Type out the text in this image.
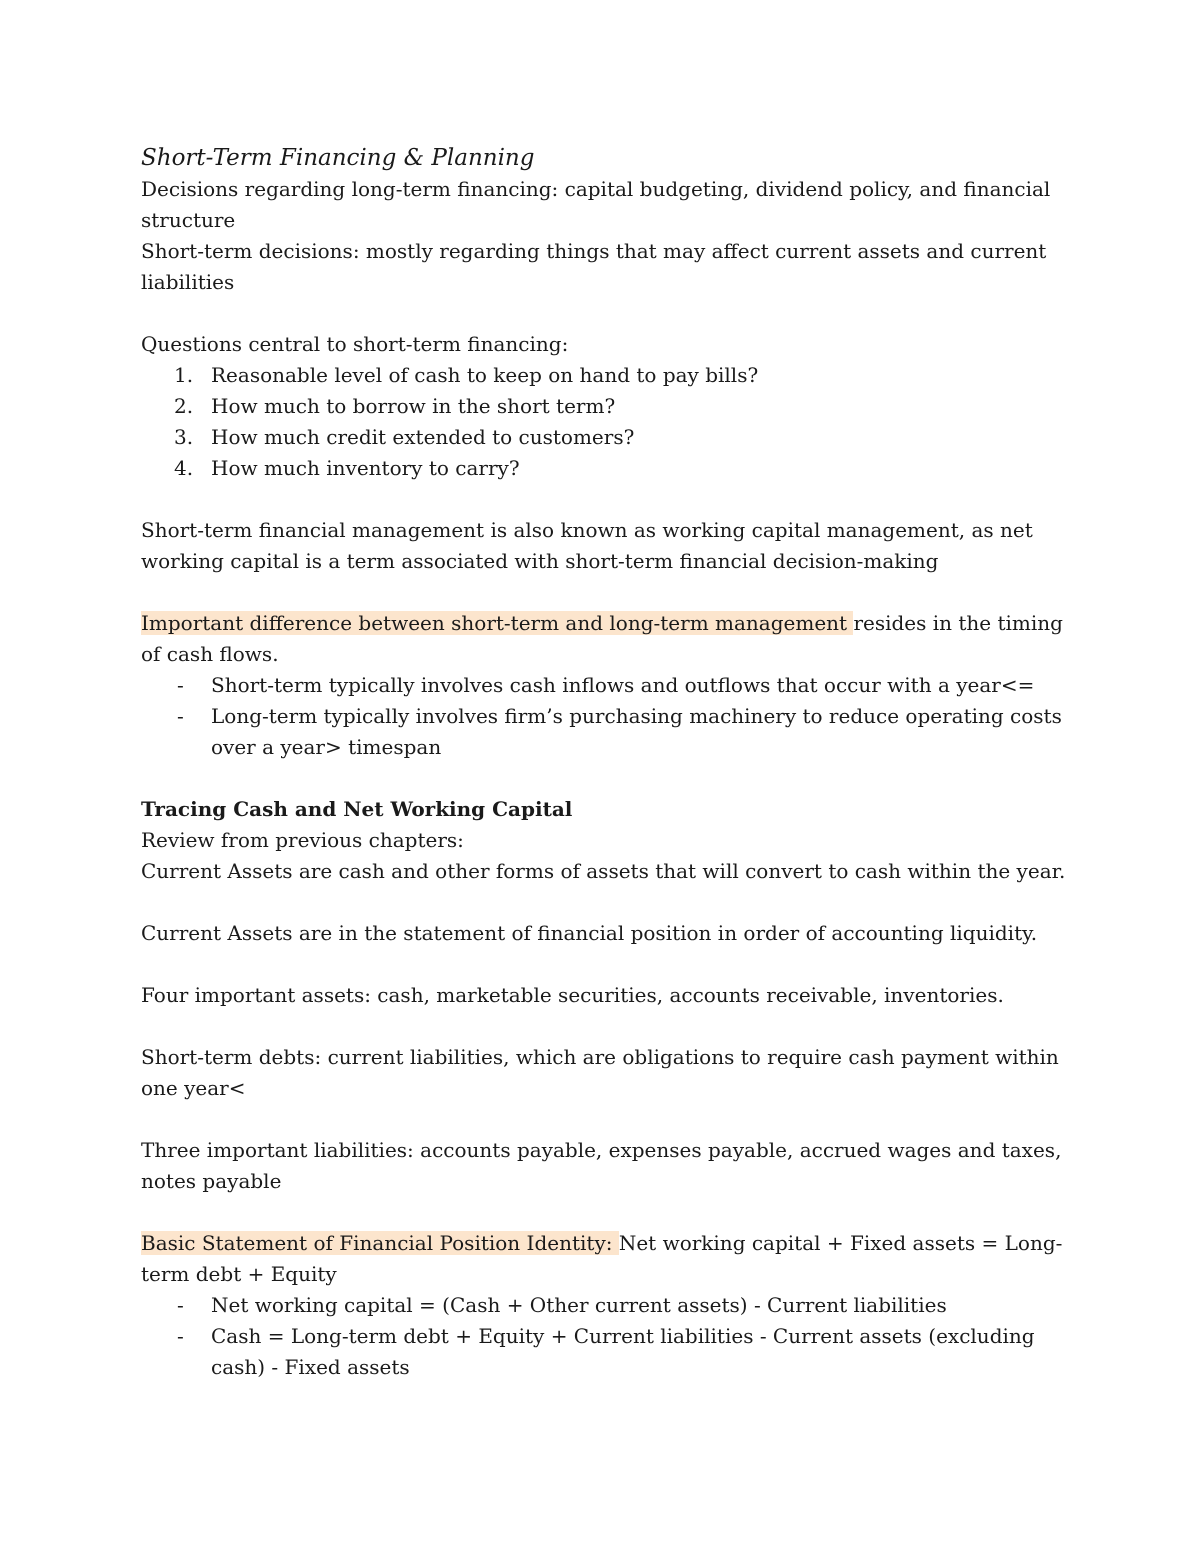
Short-Term Financing & Planning

Decisions regarding long-term financing: capital budgeting, dividend policy, and financial structure

Short-term decisions: mostly regarding things that may affect current assets and current liabilities

Questions central to short-term financing:

1. Reasonable level of cash to keep on hand to pay bills?
2. How much to borrow in the short term?
3. How much credit extended to customers?
4. How much inventory to carry?

Short-term financial management is also known as working capital management, as net working capital is a term associated with short-term financial decision-making

Important difference between short-term and long-term management resides in the timing of cash flows.

- Short-term typically involves cash inflows and outflows that occur with a year<=
- Long-term typically involves firm’s purchasing machinery to reduce operating costs over a year> timespan

Tracing Cash and Net Working Capital

Review from previous chapters:

Current Assets are cash and other forms of assets that will convert to cash within the year.

Current Assets are in the statement of financial position in order of accounting liquidity.

Four important assets: cash, marketable securities, accounts receivable, inventories.

Short-term debts: current liabilities, which are obligations to require cash payment within one year<

Three important liabilities: accounts payable, expenses payable, accrued wages and taxes, notes payable

Basic Statement of Financial Position Identity: Net working capital + Fixed assets = Long-term debt + Equity

- Net working capital = (Cash + Other current assets) - Current liabilities
- Cash = Long-term debt + Equity + Current liabilities - Current assets (excluding cash) - Fixed assets
